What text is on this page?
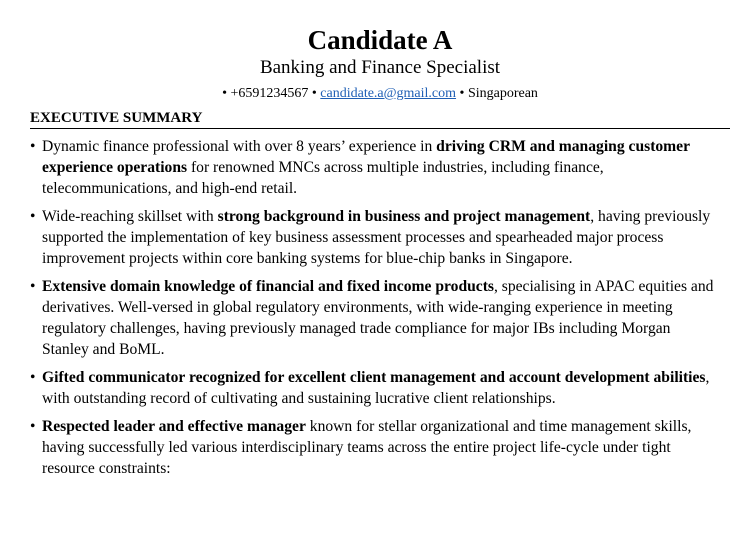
Candidate A
Banking and Finance Specialist
• +6591234567 • candidate.a@gmail.com • Singaporean
EXECUTIVE SUMMARY
• Dynamic finance professional with over 8 years’ experience in driving CRM and managing customer experience operations for renowned MNCs across multiple industries, including finance, telecommunications, and high-end retail.
• Wide-reaching skillset with strong background in business and project management, having previously supported the implementation of key business assessment processes and spearheaded major process improvement projects within core banking systems for blue-chip banks in Singapore.
• Extensive domain knowledge of financial and fixed income products, specialising in APAC equities and derivatives. Well-versed in global regulatory environments, with wide-ranging experience in meeting regulatory challenges, having previously managed trade compliance for major IBs including Morgan Stanley and BoML.
• Gifted communicator recognized for excellent client management and account development abilities, with outstanding record of cultivating and sustaining lucrative client relationships.
• Respected leader and effective manager known for stellar organizational and time management skills, having successfully led various interdisciplinary teams across the entire project life-cycle under tight resource constraints:
